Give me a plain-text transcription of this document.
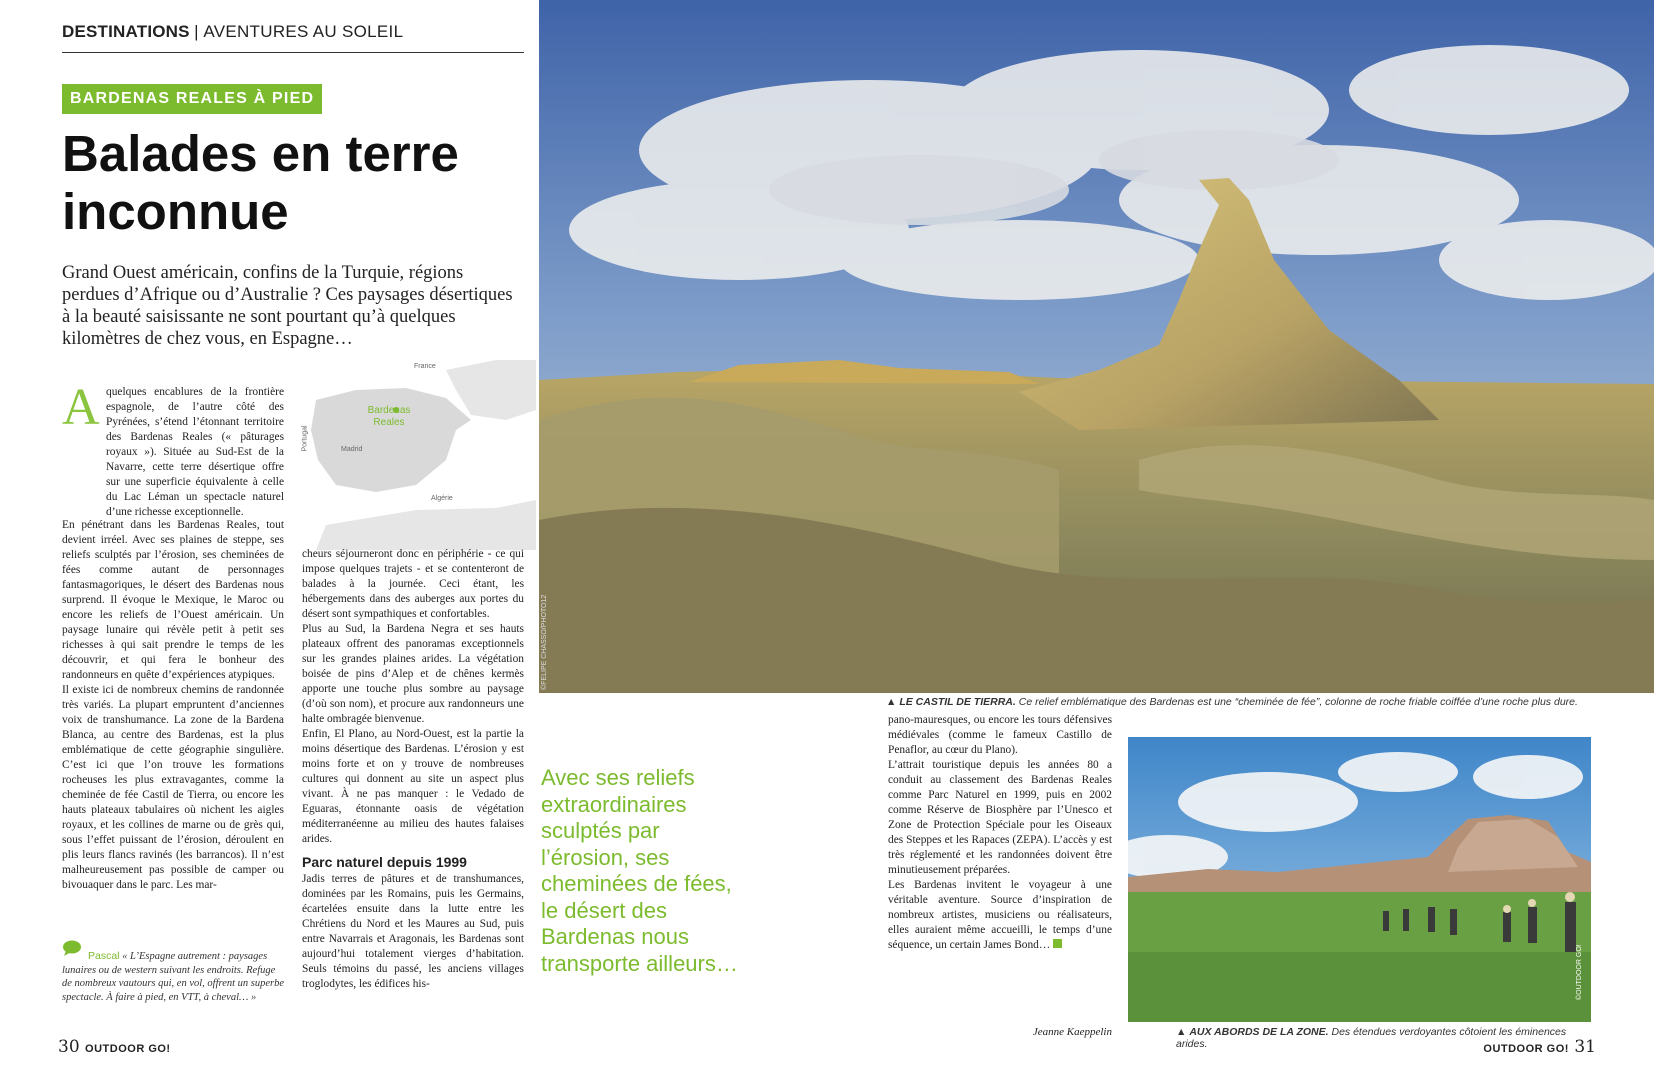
DESTINATIONS | AVENTURES AU SOLEIL
BARDENAS REALES À PIED
Balades en terre
inconnue
Grand Ouest américain, confins de la Turquie, régions perdues d’Afrique ou d’Australie ? Ces paysages désertiques à la beauté saisissante ne sont pourtant qu’à quelques kilomètres de chez vous, en Espagne…
Bardenas Reales
France
Madrid
Portugal
Algérie
A quelques encablures de la frontière espagnole, de l’autre côté des Pyrénées, s’étend l’étonnant territoire des Bardenas Reales (« pâturages royaux »). Située au Sud-Est de la Navarre, cette terre désertique offre sur une superficie équivalente à celle du Lac Léman un spectacle naturel d’une richesse exceptionnelle.

En pénétrant dans les Bardenas Reales, tout devient irréel. Avec ses plaines de steppe, ses reliefs sculptés par l’érosion, ses cheminées de fées comme autant de personnages fantasmagoriques, le désert des Bardenas nous surprend. Il évoque le Mexique, le Maroc ou encore les reliefs de l’Ouest américain. Un paysage lunaire qui révèle petit à petit ses richesses à qui sait prendre le temps de les découvrir, et qui fera le bonheur des randonneurs en quête d’expériences atypiques.

Il existe ici de nombreux chemins de randonnée très variés. La plupart empruntent d’anciennes voix de transhumance. La zone de la Bardena Blanca, au centre des Bardenas, est la plus emblématique de cette géographie singulière. C’est ici que l’on trouve les formations rocheuses les plus extravagantes, comme la cheminée de fée Castil de Tierra, ou encore les hauts plateaux tabulaires où nichent les aigles royaux, et les collines de marne ou de grès qui, sous l’effet puissant de l’érosion, déroulent en plis leurs flancs ravinés (les barrancos). Il n’est malheureusement pas possible de camper ou bivouaquer dans le parc. Les mar-

Pascal « L’Espagne autrement : paysages lunaires ou de western suivant les endroits. Refuge de nombreux vautours qui, en vol, offrent un superbe spectacle. À faire à pied, en VTT, à cheval… »

cheurs séjourneront donc en périphérie - ce qui impose quelques trajets - et se contenteront de balades à la journée. Ceci étant, les hébergements dans des auberges aux portes du désert sont sympathiques et confortables.

Plus au Sud, la Bardena Negra et ses hauts plateaux offrent des panoramas exceptionnels sur les grandes plaines arides. La végétation boisée de pins d’Alep et de chênes kermès apporte une touche plus sombre au paysage (d’où son nom), et procure aux randonneurs une halte ombragée bienvenue.

Enfin, El Plano, au Nord-Ouest, est la partie la moins désertique des Bardenas. L’érosion y est moins forte et on y trouve de nombreuses cultures qui donnent au site un aspect plus vivant. À ne pas manquer : le Vedado de Eguaras, étonnante oasis de végétation méditerranéenne au milieu des hautes falaises arides.

Parc naturel depuis 1999

Jadis terres de pâtures et de transhumances, dominées par les Romains, puis les Germains, écartelées ensuite dans la lutte entre les Chrétiens du Nord et les Maures au Sud, puis entre Navarrais et Aragonais, les Bardenas sont aujourd’hui totalement vierges d’habitation. Seuls témoins du passé, les anciens villages troglodytes, les édifices his-

30 OUTDOOR GO!
©FELIPE CHASSO/PHOTO12
▲ LE CASTIL DE TIERRA. Ce relief emblématique des Bardenas est une “cheminée de fée”, colonne de roche friable coiffée d’une roche plus dure.
Avec ses reliefs extraordinaires sculptés par l’érosion, ses cheminées de fées, le désert des Bardenas nous transporte ailleurs…

pano-mauresques, ou encore les tours défensives médiévales (comme le fameux Castillo de Penaflor, au cœur du Plano).

L’attrait touristique depuis les années 80 a conduit au classement des Bardenas Reales comme Parc Naturel en 1999, puis en 2002 comme Réserve de Biosphère par l’Unesco et Zone de Protection Spéciale pour les Oiseaux des Steppes et les Rapaces (ZEPA). L’accès y est très réglementé et les randonnées doivent être minutieusement préparées.

Les Bardenas invitent le voyageur à une véritable aventure. Source d’inspiration de nombreux artistes, musiciens ou réalisateurs, elles auraient même accueilli, le temps d’une séquence, un certain James Bond…

Jeanne Kaeppelin
©OUTDOOR GO!
▲ AUX ABORDS DE LA ZONE. Des étendues verdoyantes côtoient les éminences arides.	OUTDOOR GO! 31
